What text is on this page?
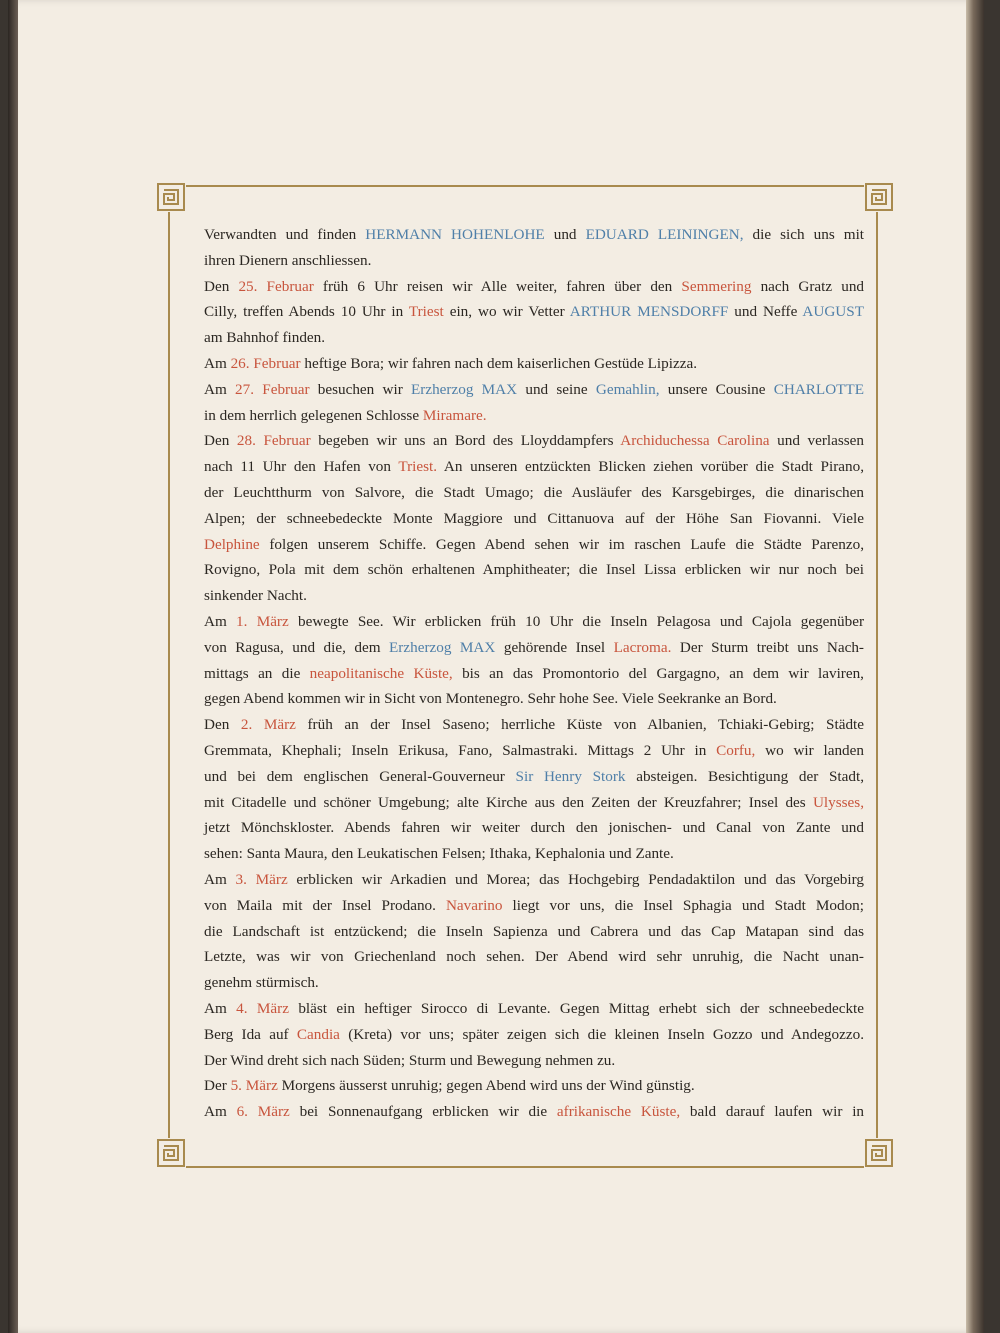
Verwandten und finden HERMANN HOHENLOHE und EDUARD LEININGEN, die sich uns mit
ihren Dienern anschliessen.
Den 25. Februar früh 6 Uhr reisen wir Alle weiter, fahren über den Semmering nach Gratz und
Cilly, treffen Abends 10 Uhr in Triest ein, wo wir Vetter ARTHUR MENSDORFF und Neffe AUGUST
am Bahnhof finden.
Am 26. Februar heftige Bora; wir fahren nach dem kaiserlichen Gestüde Lipizza.
Am 27. Februar besuchen wir Erzherzog MAX und seine Gemahlin, unsere Cousine CHARLOTTE
in dem herrlich gelegenen Schlosse Miramare.
Den 28. Februar begeben wir uns an Bord des Lloyddampfers Archiduchessa Carolina und verlassen
nach 11 Uhr den Hafen von Triest. An unseren entzückten Blicken ziehen vorüber die Stadt Pirano,
der Leuchtthurm von Salvore, die Stadt Umago; die Ausläufer des Karsgebirges, die dinarischen
Alpen; der schneebedeckte Monte Maggiore und Cittanuova auf der Höhe San Fiovanni. Viele
Delphine folgen unserem Schiffe. Gegen Abend sehen wir im raschen Laufe die Städte Parenzo,
Rovigno, Pola mit dem schön erhaltenen Amphitheater; die Insel Lissa erblicken wir nur noch bei
sinkender Nacht.
Am 1. März bewegte See. Wir erblicken früh 10 Uhr die Inseln Pelagosa und Cajola gegenüber
von Ragusa, und die, dem Erzherzog MAX gehörende Insel Lacroma. Der Sturm treibt uns Nach-
mittags an die neapolitanische Küste, bis an das Promontorio del Gargagno, an dem wir laviren,
gegen Abend kommen wir in Sicht von Montenegro. Sehr hohe See. Viele Seekranke an Bord.
Den 2. März früh an der Insel Saseno; herrliche Küste von Albanien, Tchiaki-Gebirg; Städte
Gremmata, Khephali; Inseln Erikusa, Fano, Salmastraki. Mittags 2 Uhr in Corfu, wo wir landen
und bei dem englischen General-Gouverneur Sir Henry Stork absteigen. Besichtigung der Stadt,
mit Citadelle und schöner Umgebung; alte Kirche aus den Zeiten der Kreuzfahrer; Insel des Ulysses,
jetzt Mönchskloster. Abends fahren wir weiter durch den jonischen- und Canal von Zante und
sehen: Santa Maura, den Leukatischen Felsen; Ithaka, Kephalonia und Zante.
Am 3. März erblicken wir Arkadien und Morea; das Hochgebirg Pendadaktilon und das Vorgebirg
von Maila mit der Insel Prodano. Navarino liegt vor uns, die Insel Sphagia und Stadt Modon;
die Landschaft ist entzückend; die Inseln Sapienza und Cabrera und das Cap Matapan sind das
Letzte, was wir von Griechenland noch sehen. Der Abend wird sehr unruhig, die Nacht unan-
genehm stürmisch.
Am 4. März bläst ein heftiger Sirocco di Levante. Gegen Mittag erhebt sich der schneebedeckte
Berg Ida auf Candia (Kreta) vor uns; später zeigen sich die kleinen Inseln Gozzo und Andegozzo.
Der Wind dreht sich nach Süden; Sturm und Bewegung nehmen zu.
Der 5. März Morgens äusserst unruhig; gegen Abend wird uns der Wind günstig.
Am 6. März bei Sonnenaufgang erblicken wir die afrikanische Küste, bald darauf laufen wir in
